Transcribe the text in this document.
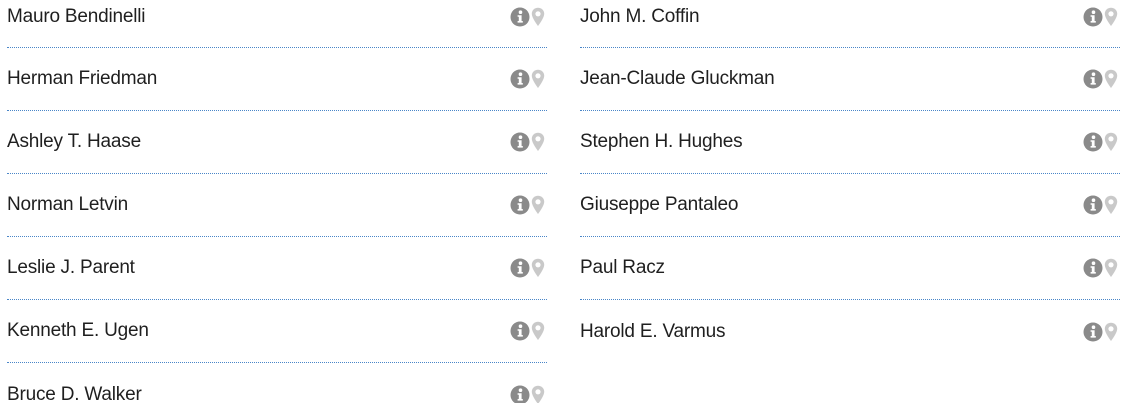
Mauro Bendinelli
Herman Friedman
Ashley T. Haase
Norman Letvin
Leslie J. Parent
Kenneth E. Ugen
Bruce D. Walker
John M. Coffin
Jean-Claude Gluckman
Stephen H. Hughes
Giuseppe Pantaleo
Paul Racz
Harold E. Varmus
